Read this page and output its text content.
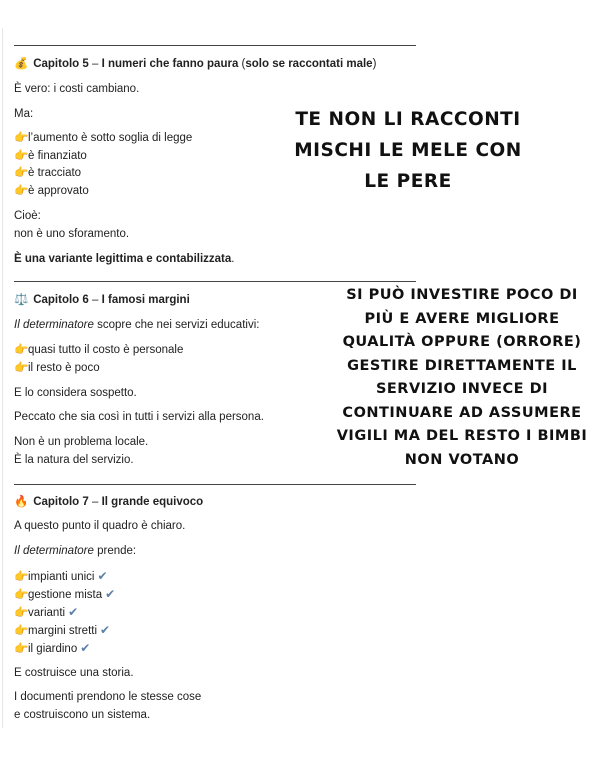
💰 Capitolo 5 – I numeri che fanno paura (solo se raccontati male)
È vero: i costi cambiano.
Ma:
👉l’aumento è sotto soglia di legge
👉è finanziato
👉è tracciato
👉è approvato
Cioè:
non è uno sforamento.
È una variante legittima e contabilizzata.
⚖️ Capitolo 6 – I famosi margini
Il determinatore scopre che nei servizi educativi:
👉quasi tutto il costo è personale
👉il resto è poco
E lo considera sospetto.
Peccato che sia così in tutti i servizi alla persona.
Non è un problema locale.
È la natura del servizio.
🔥 Capitolo 7 – Il grande equivoco
A questo punto il quadro è chiaro.
Il determinatore prende:
👉impianti unici ✔
👉gestione mista ✔
👉varianti ✔
👉margini stretti ✔
👉il giardino ✔
E costruisce una storia.
I documenti prendono le stesse cose
e costruiscono un sistema.
TE NON LI RACCONTI
MISCHI LE MELE CON
LE PERE
SI PUÒ INVESTIRE POCO DI
PIÙ E AVERE MIGLIORE
QUALITÀ OPPURE (ORRORE)
GESTIRE DIRETTAMENTE IL
SERVIZIO INVECE DI
CONTINUARE AD ASSUMERE
VIGILI MA DEL RESTO I BIMBI
NON VOTANO
